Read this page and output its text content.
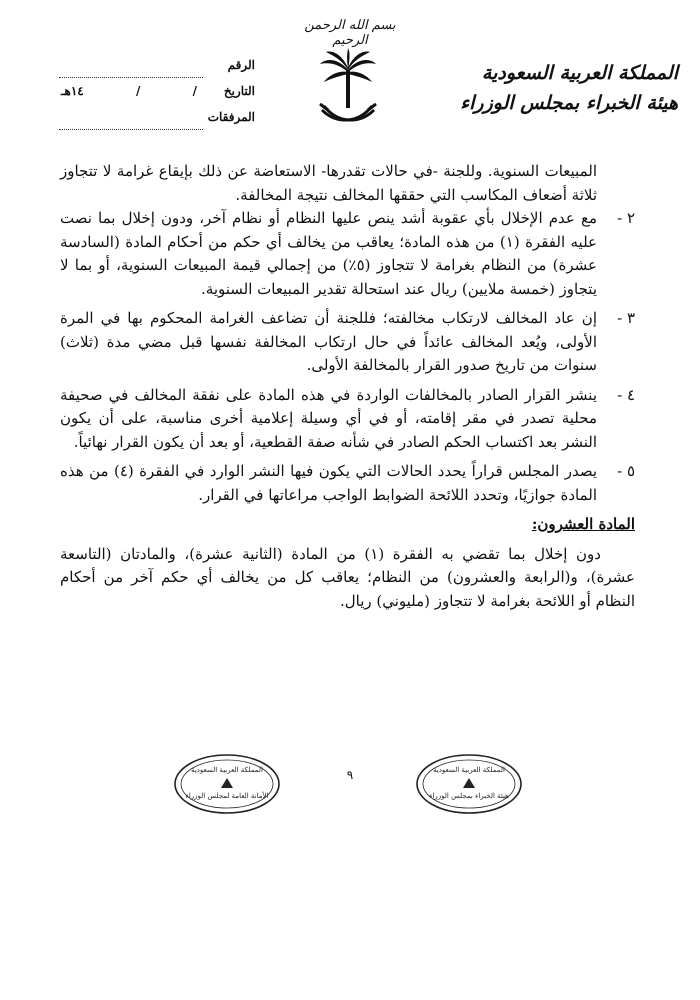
بسم الله الرحمن الرحيم
المملكة العربية السعودية
هيئة الخبراء بمجلس الوزراء
الرقم
التاريخ
/
/
١٤هـ
المرفقات

المبيعات السنوية. وللجنة -في حالات تقدرها- الاستعاضة عن ذلك بإيقاع غرامة لا تتجاوز ثلاثة أضعاف المكاسب التي حققها المخالف نتيجة المخالفة.

٢ -
مع عدم الإخلال بأي عقوبة أشد ينص عليها النظام أو نظام آخر، ودون إخلال بما نصت عليه الفقرة (١) من هذه المادة؛ يعاقب من يخالف أي حكم من أحكام المادة (السادسة عشرة) من النظام بغرامة لا تتجاوز (٥٪) من إجمالي قيمة المبيعات السنوية، أو بما لا يتجاوز (خمسة ملايين) ريال عند استحالة تقدير المبيعات السنوية.
٣ -
إن عاد المخالف لارتكاب مخالفته؛ فللجنة أن تضاعف الغرامة المحكوم بها في المرة الأولى، ويُعد المخالف عائداً في حال ارتكاب المخالفة نفسها قبل مضي مدة (ثلاث) سنوات من تاريخ صدور القرار بالمخالفة الأولى.
٤ -
ينشر القرار الصادر بالمخالفات الواردة في هذه المادة على نفقة المخالف في صحيفة محلية تصدر في مقر إقامته، أو في أي وسيلة إعلامية أخرى مناسبة، على أن يكون النشر بعد اكتساب الحكم الصادر في شأنه صفة القطعية، أو بعد أن يكون القرار نهائياً.
٥ -
يصدر المجلس قراراً يحدد الحالات التي يكون فيها النشر الوارد في الفقرة (٤) من هذه المادة جوازيًا، وتحدد اللائحة الضوابط الواجب مراعاتها في القرار.
المادة العشرون:

دون إخلال بما تقضي به الفقرة (١) من المادة (الثانية عشرة)، والمادتان (التاسعة عشرة)، و(الرابعة والعشرون) من النظام؛ يعاقب كل من يخالف أي حكم آخر من أحكام النظام أو اللائحة بغرامة لا تتجاوز (مليوني) ريال.

٩
المملكة العربية السعودية
الأمانة العامة لمجلس الوزراء
المملكة العربية السعودية
هيئة الخبراء بمجلس الوزراء
